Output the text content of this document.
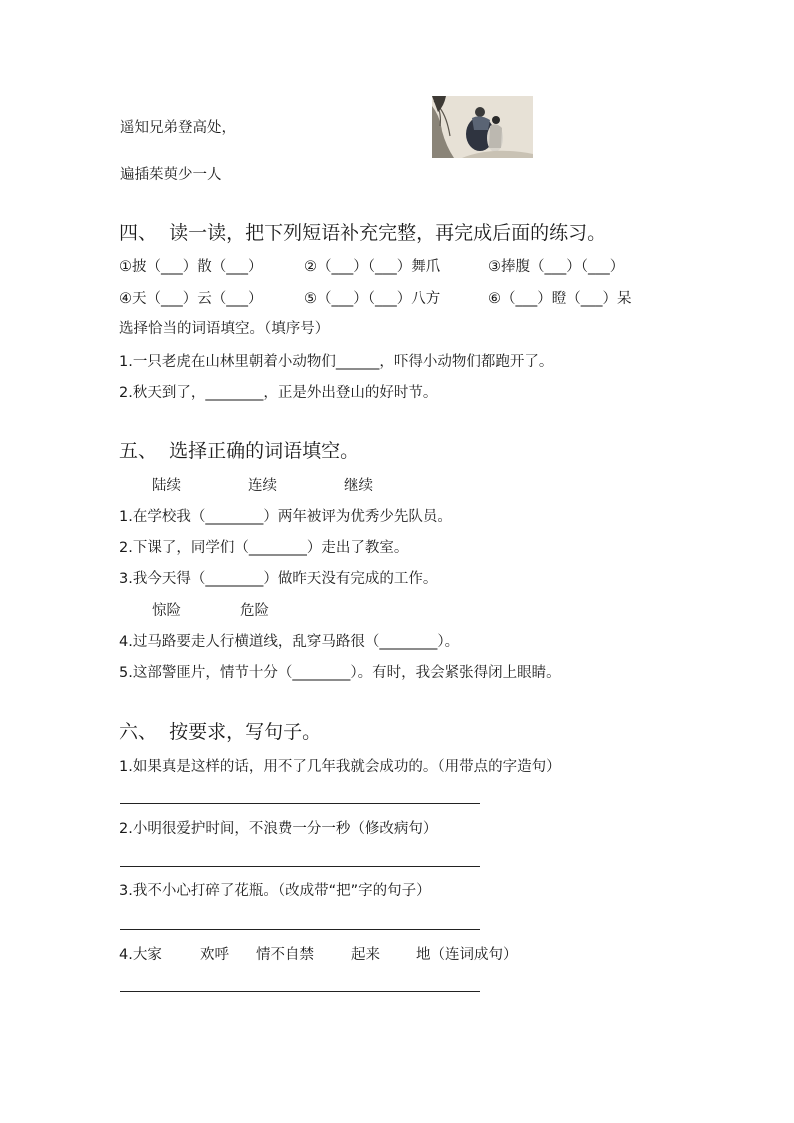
遥知兄弟登高处，
遍插茱萸少一人
四、  读一读，把下列短语补充完整，再完成后面的练习。
①披（___）散（___）	②（___）（___）舞爪	③捧腹（___）（___）
④天（___）云（___）	⑤（___）（___）八方	⑥（___）瞪（___）呆
选择恰当的词语填空。（填序号）
1.一只老虎在山林里朝着小动物们______，吓得小动物们都跑开了。
2.秋天到了，________，正是外出登山的好时节。
五、  选择正确的词语填空。
陆续	连续	继续
1.在学校我（________）两年被评为优秀少先队员。
2.下课了，同学们（________）走出了教室。
3.我今天得（________）做昨天没有完成的工作。
惊险	危险
4.过马路要走人行横道线，乱穿马路很（________）。
5.这部警匪片，情节十分（________）。有时，我会紧张得闭上眼睛。
六、  按要求，写句子。
1.如果真是这样的话，用不了几年我就会成功的。（用带点的字造句）
2.小明很爱护时间，不浪费一分一秒（修改病句）
3.我不小心打碎了花瓶。（改成带“把”字的句子）
4.大家	欢呼 情不自禁	起来 地（连词成句）
